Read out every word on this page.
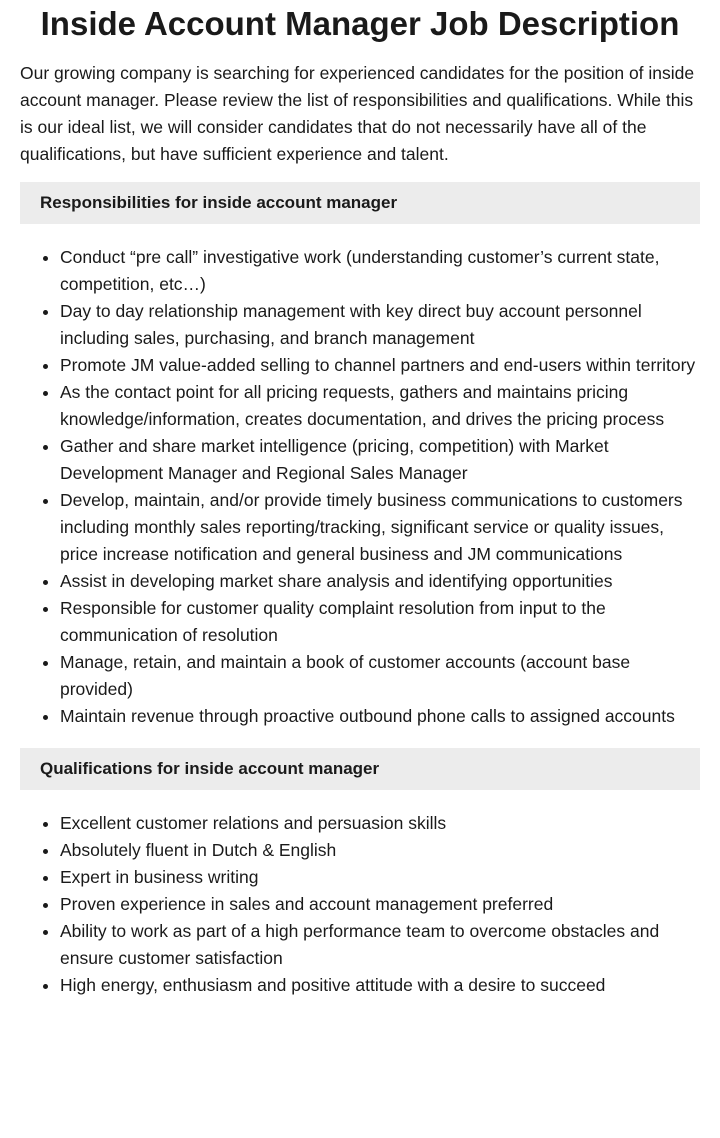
Inside Account Manager Job Description

Our growing company is searching for experienced candidates for the position of inside account manager. Please review the list of responsibilities and qualifications. While this is our ideal list, we will consider candidates that do not necessarily have all of the qualifications, but have sufficient experience and talent.

Responsibilities for inside account manager
• Conduct “pre call” investigative work (understanding customer’s current state, competition, etc…)
• Day to day relationship management with key direct buy account personnel including sales, purchasing, and branch management
• Promote JM value-added selling to channel partners and end-users within territory
• As the contact point for all pricing requests, gathers and maintains pricing knowledge/information, creates documentation, and drives the pricing process
• Gather and share market intelligence (pricing, competition) with Market Development Manager and Regional Sales Manager
• Develop, maintain, and/or provide timely business communications to customers including monthly sales reporting/tracking, significant service or quality issues, price increase notification and general business and JM communications
• Assist in developing market share analysis and identifying opportunities
• Responsible for customer quality complaint resolution from input to the communication of resolution
• Manage, retain, and maintain a book of customer accounts (account base provided)
• Maintain revenue through proactive outbound phone calls to assigned accounts
Qualifications for inside account manager
• Excellent customer relations and persuasion skills
• Absolutely fluent in Dutch & English
• Expert in business writing
• Proven experience in sales and account management preferred
• Ability to work as part of a high performance team to overcome obstacles and ensure customer satisfaction
• High energy, enthusiasm and positive attitude with a desire to succeed
